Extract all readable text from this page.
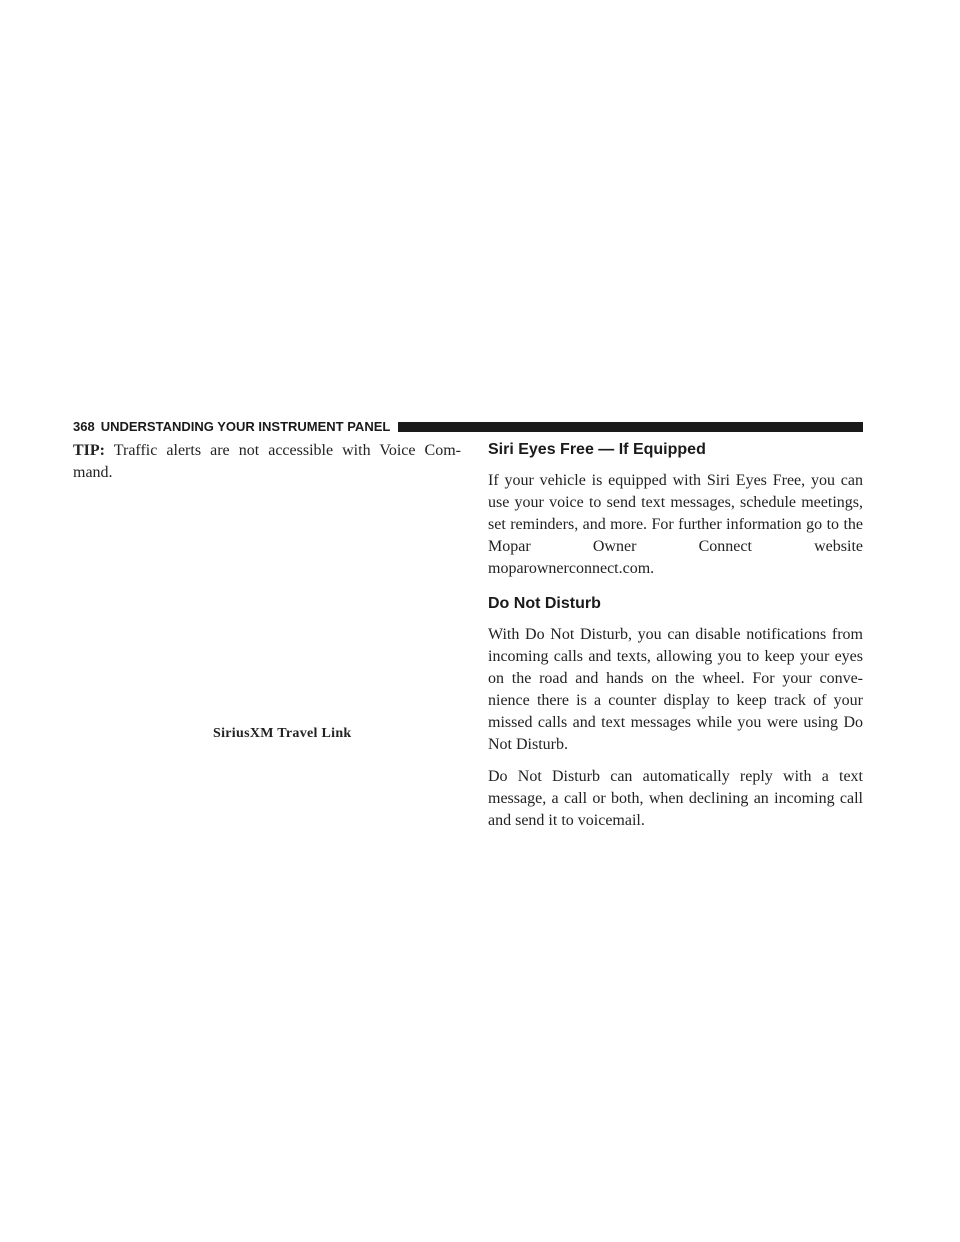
368 UNDERSTANDING YOUR INSTRUMENT PANEL

TIP: Traffic alerts are not accessible with Voice Com- mand.

SiriusXM Travel Link
Siri Eyes Free — If Equipped

If your vehicle is equipped with Siri Eyes Free, you can use your voice to send text messages, schedule meetings, set reminders, and more. For further information go to the Mopar Owner Connect website
moparownerconnect.com.

Do Not Disturb

With Do Not Disturb, you can disable notifications from incoming calls and texts, allowing you to keep your eyes on the road and hands on the wheel. For your conve-nience there is a counter display to keep track of your missed calls and text messages while you were using Do Not Disturb.

Do Not Disturb can automatically reply with a text message, a call or both, when declining an incoming call and send it to voicemail.
